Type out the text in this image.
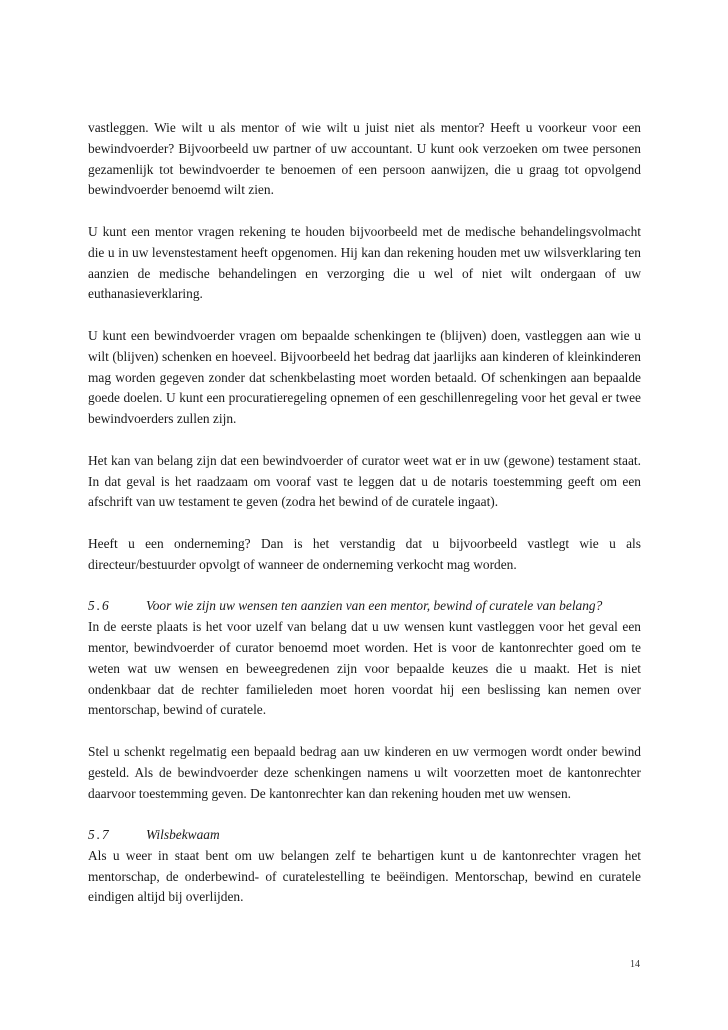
vastleggen. Wie wilt u als mentor of wie wilt u juist niet als mentor? Heeft u voorkeur voor een bewindvoerder? Bijvoorbeeld uw partner of uw accountant. U kunt ook verzoeken om twee personen gezamenlijk tot bewindvoerder te benoemen of een persoon aanwijzen, die u graag tot opvolgend bewindvoerder benoemd wilt zien.

U kunt een mentor vragen rekening te houden bijvoorbeeld met de medische behandelingsvolmacht die u in uw levenstestament heeft opgenomen. Hij kan dan rekening houden met uw wilsverklaring ten aanzien de medische behandelingen en verzorging die u wel of niet wilt ondergaan of uw euthanasieverklaring.

U kunt een bewindvoerder vragen om bepaalde schenkingen te (blijven) doen, vastleggen aan wie u wilt (blijven) schenken en hoeveel. Bijvoorbeeld het bedrag dat jaarlijks aan kinderen of kleinkinderen mag worden gegeven zonder dat schenkbelasting moet worden betaald. Of schenkingen aan bepaalde goede doelen. U kunt een procuratieregeling opnemen of een geschillenregeling voor het geval er twee bewindvoerders zullen zijn.

Het kan van belang zijn dat een bewindvoerder of curator weet wat er in uw (gewone) testament staat. In dat geval is het raadzaam om vooraf vast te leggen dat u de notaris toestemming geeft om een afschrift van uw testament te geven (zodra het bewind of de curatele ingaat).

Heeft u een onderneming? Dan is het verstandig dat u bijvoorbeeld vastlegt wie u als directeur/bestuurder opvolgt of wanneer de onderneming verkocht mag worden.

5.6	Voor wie zijn uw wensen ten aanzien van een mentor, bewind of curatele van belang?

In de eerste plaats is het voor uzelf van belang dat u uw wensen kunt vastleggen voor het geval een mentor, bewindvoerder of curator benoemd moet worden. Het is voor de kantonrechter goed om te weten wat uw wensen en beweegredenen zijn voor bepaalde keuzes die u maakt. Het is niet ondenkbaar dat de rechter familieleden moet horen voordat hij een beslissing kan nemen over mentorschap, bewind of curatele.

Stel u schenkt regelmatig een bepaald bedrag aan uw kinderen en uw vermogen wordt onder bewind gesteld. Als de bewindvoerder deze schenkingen namens u wilt voorzetten moet de kantonrechter daarvoor toestemming geven. De kantonrechter kan dan rekening houden met uw wensen.

5.7	Wilsbekwaam

Als u weer in staat bent om uw belangen zelf te behartigen kunt u de kantonrechter vragen het mentorschap, de onderbewind- of curatelestelling te beëindigen. Mentorschap, bewind en curatele eindigen altijd bij overlijden.

14
